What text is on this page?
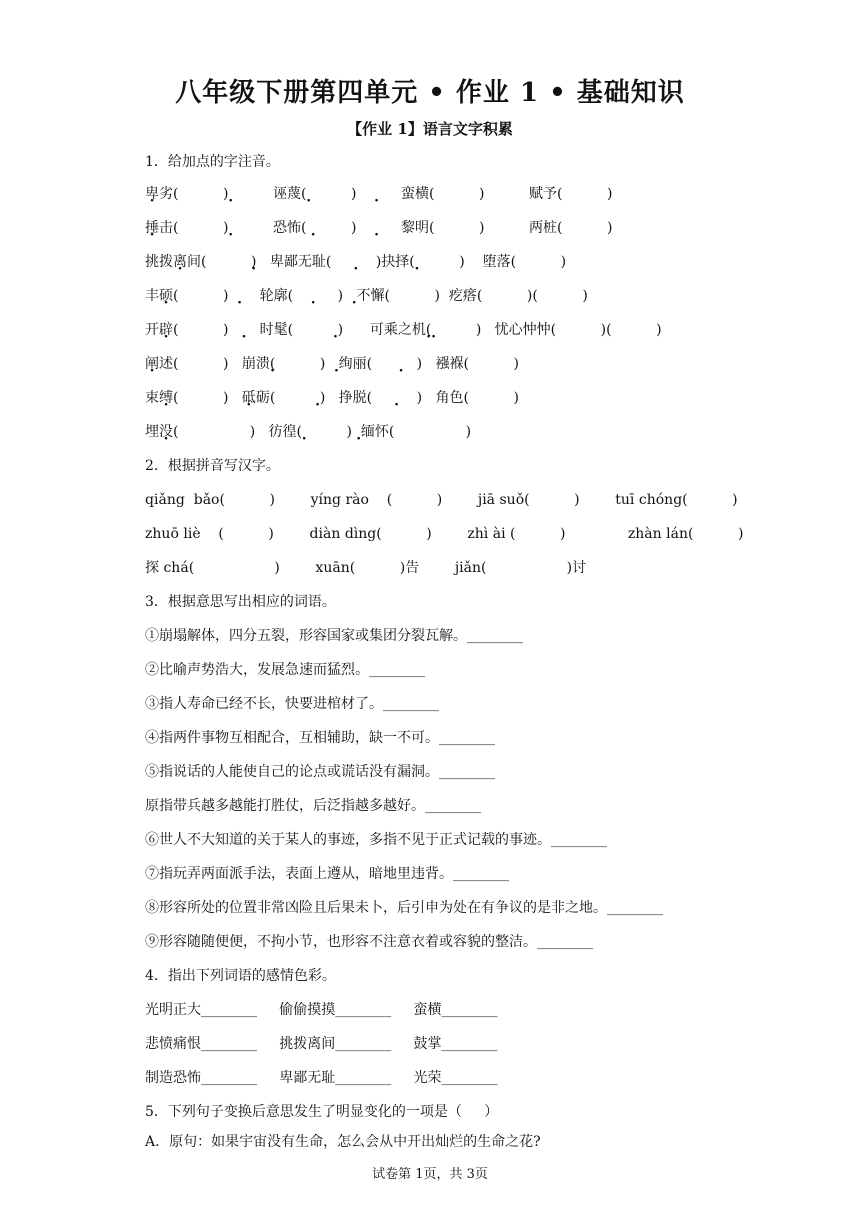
八年级下册第四单元 • 作业 1 • 基础知识
【作业 1】语言文字积累
1．给加点的字注音。
卑劣(	) ·	诬蔑( ·	) ·	蛮横(	)	赋予(	)
捶击(	) ·	恐怖( ·	) ·	黎明(	)	两桩(	)
挑拨离间(	) · 卑鄙无耻( ·	)抉择( ·	) 堕落(	)
丰硕(	) · 轮廓( ·	) · 不懈(	) 疙瘩(	)(	)
开辟(	) · 时髦( ·	) 可乘之机( · ·	) 忧心忡忡(	)(	)
阐述(	) 崩溃( ·	) · 绚丽( ·	) 襁褓(	)
束缚(	) 砥砺( ·	) 挣脱( ·	) 角色(	)
埋没(	) 彷徨( ·	) · 缅怀(	)
2．根据拼音写汉字。
qiǎng bǎo(	)	yíng rào (	)	jiā suǒ(	)	tuī chóng(	)
zhuō liè (	)	diàn dìng(	)	zhì ài (	)	zhàn lán(	)
探 chá(	)	xuān(	)告	jiǎn(	)讨
3．根据意思写出相应的词语。
①崩塌解体，四分五裂，形容国家或集团分裂瓦解。________
②比喻声势浩大，发展急速而猛烈。________
③指人寿命已经不长，快要进棺材了。________
④指两件事物互相配合，互相辅助，缺一不可。________
⑤指说话的人能使自己的论点或谎话没有漏洞。________
原指带兵越多越能打胜仗，后泛指越多越好。________
⑥世人不大知道的关于某人的事迹，多指不见于正式记载的事迹。________
⑦指玩弄两面派手法，表面上遵从，暗地里违背。________
⑧形容所处的位置非常凶险且后果未卜，后引申为处在有争议的是非之地。________
⑨形容随随便便，不拘小节，也形容不注意衣着或容貌的整洁。________
4．指出下列词语的感情色彩。
光明正大________ 偷偷摸摸________ 蛮横________
悲愤痛恨________ 挑拨离间________ 鼓掌________
制造恐怖________ 卑鄙无耻________ 光荣________
5．下列句子变换后意思发生了明显变化的一项是（ ）
A．原句：如果宇宙没有生命，怎么会从中开出灿烂的生命之花?
试卷第 1页，共 3页
